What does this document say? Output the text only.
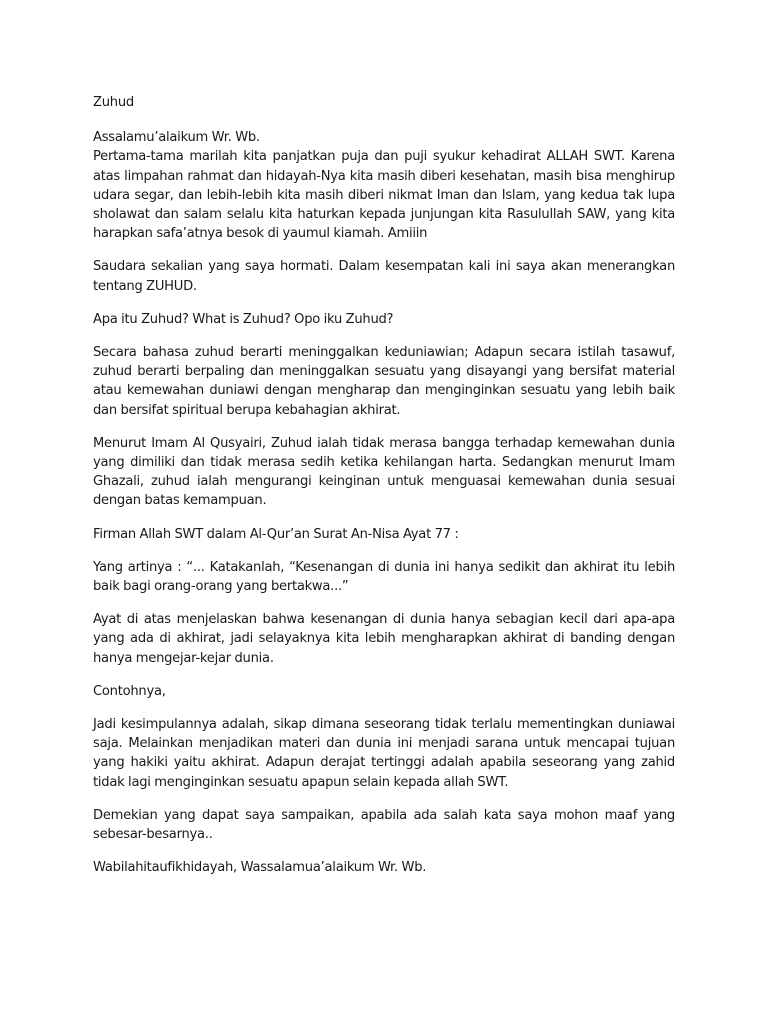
Zuhud
Assalamu’alaikum Wr. Wb.

Pertama-tama marilah kita panjatkan puja dan puji syukur kehadirat ALLAH SWT. Karena atas limpahan rahmat dan hidayah-Nya kita masih diberi kesehatan, masih bisa menghirup udara segar, dan lebih-lebih kita masih diberi nikmat Iman dan Islam, yang kedua tak lupa sholawat dan salam selalu kita haturkan kepada junjungan kita Rasulullah SAW, yang kita harapkan safa’atnya besok di yaumul kiamah. Amiiin

Saudara sekalian yang saya hormati. Dalam kesempatan kali ini saya akan menerangkan tentang ZUHUD.

Apa itu Zuhud? What is Zuhud? Opo iku Zuhud?

Secara bahasa zuhud berarti meninggalkan keduniawian; Adapun secara istilah tasawuf, zuhud berarti berpaling dan meninggalkan sesuatu yang disayangi yang bersifat material atau kemewahan duniawi dengan mengharap dan menginginkan sesuatu yang lebih baik dan bersifat spiritual berupa kebahagian akhirat.

Menurut Imam Al Qusyairi, Zuhud ialah tidak merasa bangga terhadap kemewahan dunia yang dimiliki dan tidak merasa sedih ketika kehilangan harta. Sedangkan menurut Imam Ghazali, zuhud ialah mengurangi keinginan untuk menguasai kemewahan dunia sesuai dengan batas kemampuan.

Firman Allah SWT dalam Al-Qur’an Surat An-Nisa Ayat 77 :

Yang artinya : “... Katakanlah, “Kesenangan di dunia ini hanya sedikit dan akhirat itu lebih baik bagi orang-orang yang bertakwa...”

Ayat di atas menjelaskan bahwa kesenangan di dunia hanya sebagian kecil dari apa-apa yang ada di akhirat, jadi selayaknya kita lebih mengharapkan akhirat di banding dengan hanya mengejar-kejar dunia.

Contohnya,

Jadi kesimpulannya adalah, sikap dimana seseorang tidak terlalu mementingkan duniawai saja. Melainkan menjadikan materi dan dunia ini menjadi sarana untuk mencapai tujuan yang hakiki yaitu akhirat. Adapun derajat tertinggi adalah apabila seseorang yang zahid tidak lagi menginginkan sesuatu apapun selain kepada allah SWT.

Demekian yang dapat saya sampaikan, apabila ada salah kata saya mohon maaf yang sebesar-besarnya..

Wabilahitaufikhidayah, Wassalamua’alaikum Wr. Wb.
